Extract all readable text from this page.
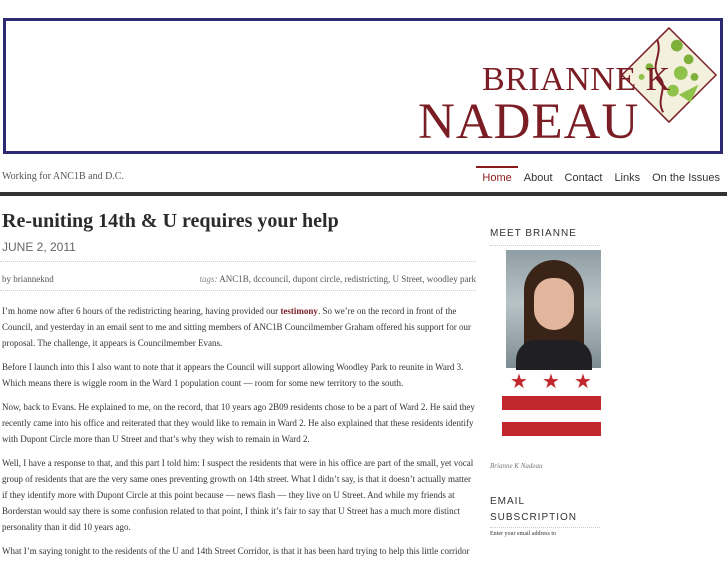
BRIANNE K
NADEAU
Working for ANC1B and D.C.	Home	About	Contact	Links	On the Issues
Re-uniting 14th & U requires your help
JUNE 2, 2011
by brianneknd	tags: ANC1B, dccouncil, dupont circle, redistricting, U Street, woodley park

I’m home now after 6 hours of the redistricting hearing, having provided our testimony. So we’re on the record in front of the Council, and yesterday in an email sent to me and sitting members of ANC1B Councilmember Graham offered his support for our proposal. The challenge, it appears is Councilmember Evans.

Before I launch into this I also want to note that it appears the Council will support allowing Woodley Park to reunite in Ward 3. Which means there is wiggle room in the Ward 1 population count — room for some new territory to the south.

Now, back to Evans. He explained to me, on the record, that 10 years ago 2B09 residents chose to be a part of Ward 2. He said they recently came into his office and reiterated that they would like to remain in Ward 2. He also explained that these residents identify with Dupont Circle more than U Street and that’s why they wish to remain in Ward 2.

Well, I have a response to that, and this part I told him: I suspect the residents that were in his office are part of the small, yet vocal group of residents that are the very same ones preventing growth on 14th street. What I didn’t say, is that it doesn’t actually matter if they identify more with Dupont Circle at this point because — news flash — they live on U Street. And while my friends at Borderstan would say there is some confusion related to that point, I think it’s fair to say that U Street has a much more distinct personality than it did 10 years ago.

What I’m saying tonight to the residents of the U and 14th Street Corridor, is that it has been hard trying to help this little corridor

MEET BRIANNE
★ ★ ★
Brianne K Nadeau
EMAIL SUBSCRIPTION
Enter your email address to
